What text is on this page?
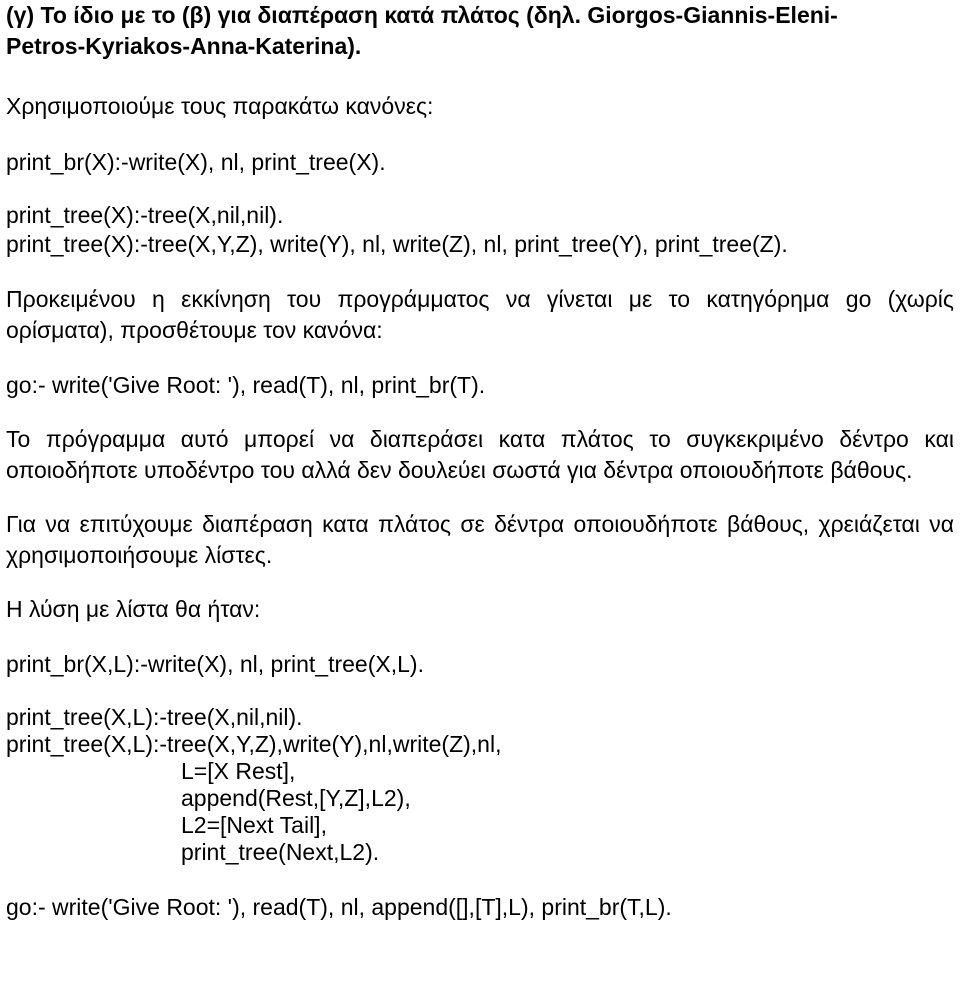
(γ) Το ίδιο με το (β) για διαπέραση κατά πλάτος (δηλ. Giorgos-Giannis-Eleni-
Petros-Kyriakos-Anna-Katerina).

Χρησιμοποιούμε τους παρακάτω κανόνες:

print_br(X):-write(X), nl, print_tree(X).

print_tree(X):-tree(X,nil,nil).

print_tree(X):-tree(X,Y,Z), write(Y), nl, write(Z), nl, print_tree(Y), print_tree(Z).

Προκειμένου η εκκίνηση του προγράμματος να γίνεται με το κατηγόρημα go (χωρίς ορίσματα), προσθέτουμε τον κανόνα:

go:- write('Give Root: '), read(T), nl, print_br(T).

Το πρόγραμμα αυτό μπορεί να διαπεράσει κατα πλάτος το συγκεκριμένο δέντρο και οποιοδήποτε υποδέντρο του αλλά δεν δουλεύει σωστά για δέντρα οποιουδήποτε βάθους.

Για να επιτύχουμε διαπέραση κατα πλάτος σε δέντρα οποιουδήποτε βάθους, χρειάζεται να χρησιμοποιήσουμε λίστες.

Η λύση με λίστα θα ήταν:

print_br(X,L):-write(X), nl, print_tree(X,L).

print_tree(X,L):-tree(X,nil,nil).

print_tree(X,L):-tree(X,Y,Z),write(Y),nl,write(Z),nl,

L=[X Rest],

append(Rest,[Y,Z],L2),

L2=[Next Tail],

print_tree(Next,L2).

go:- write('Give Root: '), read(T), nl, append([],[T],L), print_br(T,L).
